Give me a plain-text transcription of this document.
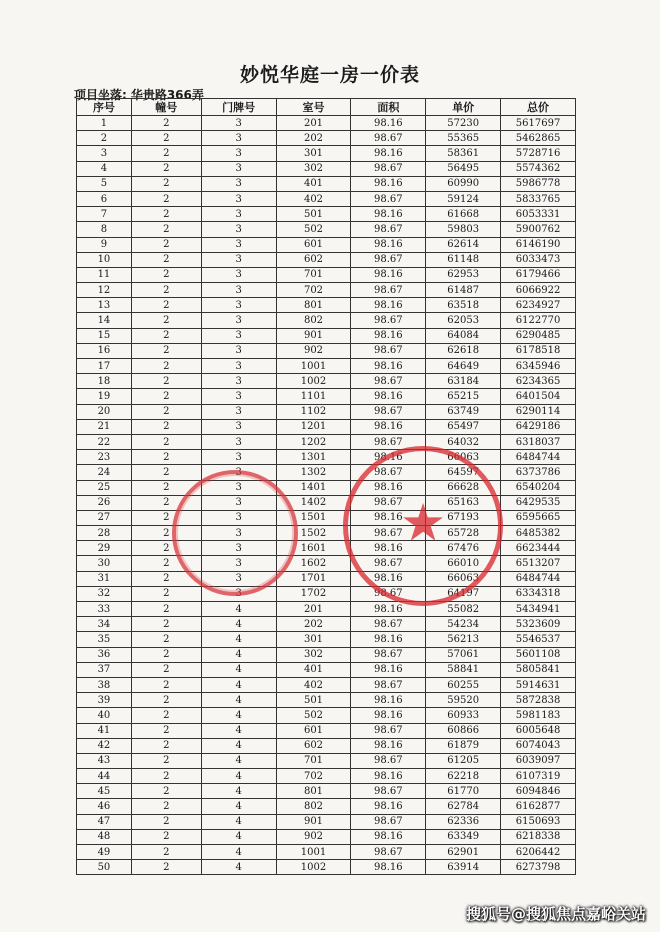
妙悦华庭一房一价表
项目坐落: 华贵路366弄
序号	幢号	门牌号	室号	面积	单价	总价
1	2	3	201	98.16	57230	5617697
2	2	3	202	98.67	55365	5462865
3	2	3	301	98.16	58361	5728716
4	2	3	302	98.67	56495	5574362
5	2	3	401	98.16	60990	5986778
6	2	3	402	98.67	59124	5833765
7	2	3	501	98.16	61668	6053331
8	2	3	502	98.67	59803	5900762
9	2	3	601	98.16	62614	6146190
10	2	3	602	98.67	61148	6033473
11	2	3	701	98.16	62953	6179466
12	2	3	702	98.67	61487	6066922
13	2	3	801	98.16	63518	6234927
14	2	3	802	98.67	62053	6122770
15	2	3	901	98.16	64084	6290485
16	2	3	902	98.67	62618	6178518
17	2	3	1001	98.16	64649	6345946
18	2	3	1002	98.67	63184	6234365
19	2	3	1101	98.16	65215	6401504
20	2	3	1102	98.67	63749	6290114
21	2	3	1201	98.16	65497	6429186
22	2	3	1202	98.67	64032	6318037
23	2	3	1301	98.16	66063	6484744
24	2	3	1302	98.67	64597	6373786
25	2	3	1401	98.16	66628	6540204
26	2	3	1402	98.67	65163	6429535
27	2	3	1501	98.16	67193	6595665
28	2	3	1502	98.67	65728	6485382
29	2	3	1601	98.16	67476	6623444
30	2	3	1602	98.67	66010	6513207
31	2	3	1701	98.16	66063	6484744
32	2	3	1702	98.67	64197	6334318
33	2	4	201	98.16	55082	5434941
34	2	4	202	98.67	54234	5323609
35	2	4	301	98.16	56213	5546537
36	2	4	302	98.67	57061	5601108
37	2	4	401	98.16	58841	5805841
38	2	4	402	98.67	60255	5914631
39	2	4	501	98.16	59520	5872838
40	2	4	502	98.16	60933	5981183
41	2	4	601	98.67	60866	6005648
42	2	4	602	98.16	61879	6074043
43	2	4	701	98.67	61205	6039097
44	2	4	702	98.16	62218	6107319
45	2	4	801	98.67	61770	6094846
46	2	4	802	98.16	62784	6162877
47	2	4	901	98.67	62336	6150693
48	2	4	902	98.16	63349	6218338
49	2	4	1001	98.67	62901	6206442
50	2	4	1002	98.16	63914	6273798
★
搜狐号@搜狐焦点嘉峪关站
